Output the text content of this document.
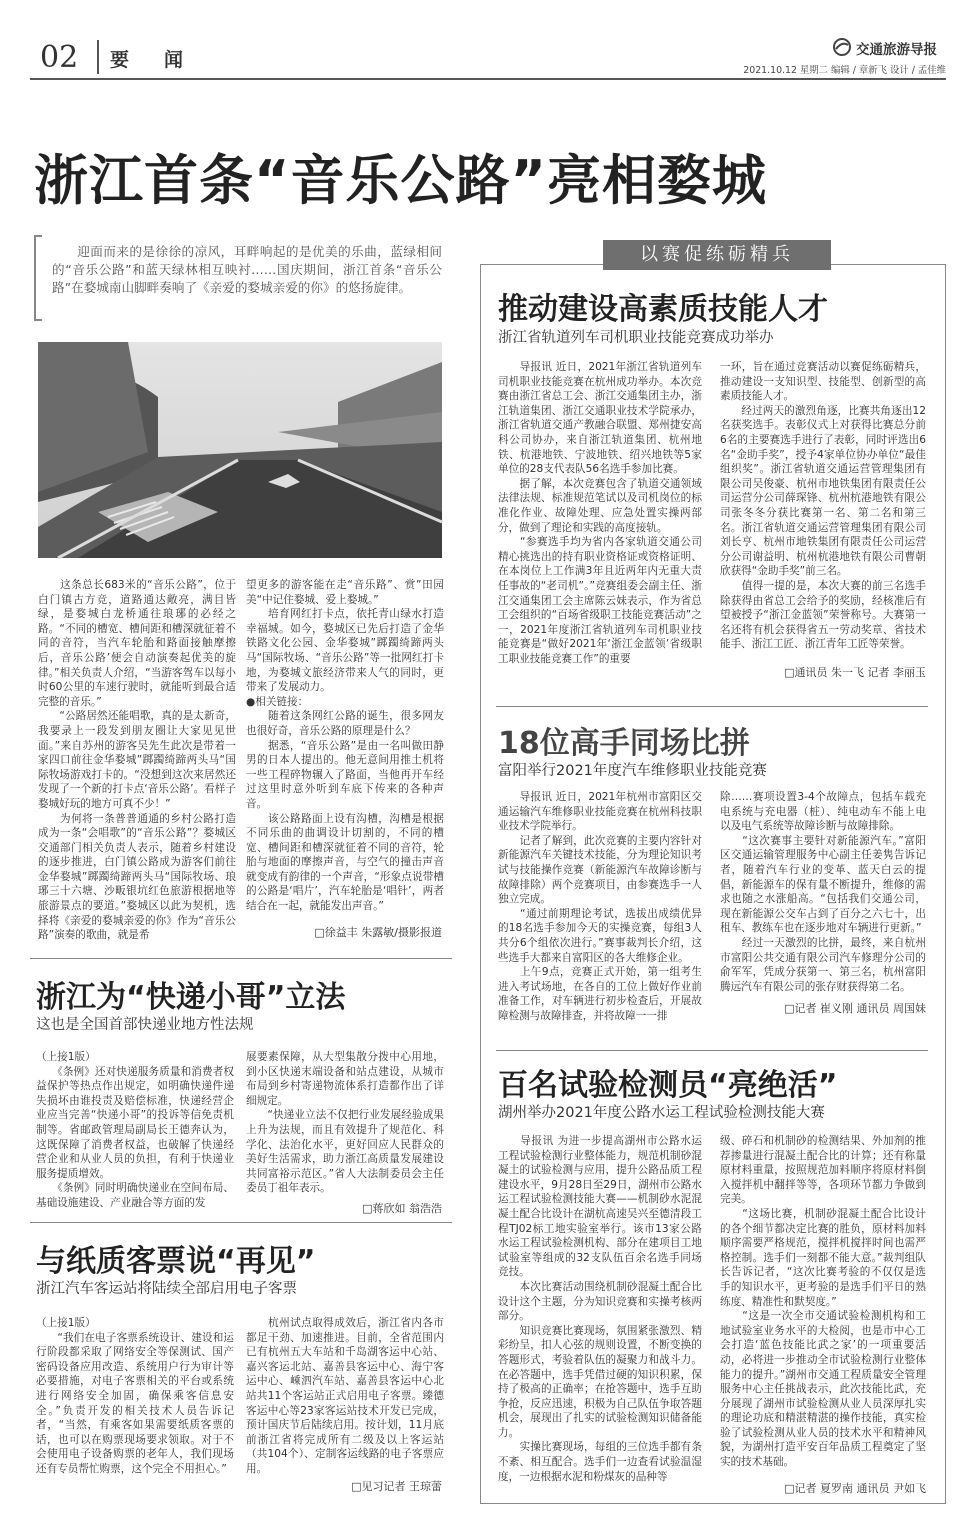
02 要　闻	交通旅游导报
2021.10.12 星期二 编辑 / 章新飞 设计 / 孟佳维
浙江首条“音乐公路”亮相婺城
迎面而来的是徐徐的凉风，耳畔响起的是优美的乐曲，蓝绿相间的“音乐公路”和蓝天绿林相互映衬……国庆期间，浙江首条“音乐公路”在婺城南山脚畔奏响了《亲爱的婺城亲爱的你》的悠扬旋律。
　　这条总长683米的“音乐公路”，位于白门镇古方竞，道路通达敞亮，满目皆绿，是婺城白龙桥通往琅琊的必经之路。“不同的槽宽、槽间距和槽深就征着不同的音符，当汽车轮胎和路面接触摩擦后，音乐公路’便会自动演奏起优美的旋律。”相关负责人介绍，“当游客驾车以每小时60公里的车速行驶时，就能听到最合适完整的音乐。”
　　“公路居然还能唱歌，真的是太新奇，我要录上一段发到朋友圈让大家见见世面。”来自苏州的游客吴先生此次是带着一家四口前往金华婺城”踯躅绮蹄两头马“国际牧场游戏打卡的。“没想到这次来居然还发现了一个新的打卡点‘音乐公路’。看样子婺城好玩的地方可真不少！”
　　为何将一条普普通通的乡村公路打造成为一条“会唱歌”的“音乐公路”？婺城区交通部门相关负责人表示，随着乡村建设的逐步推进，白门镇公路成为游客们前往金华婺城”踯躅绮蹄两头马“国际牧场、琅琊三十六塘、沙畈银坑红色旅游根据地等旅游景点的要道。”婺城区以此为契机，选择将《亲爱的婺城亲爱的你》作为“音乐公路”演奏的歌曲，就是希
望更多的游客能在走“音乐路”、赏”田园美“中记住婺城、爱上婺城。”
　　培育网红打卡点，依托青山绿水打造幸福城。如今，婺城区已先后打造了金华铁路文化公园、金华婺城”踯躅绮蹄两头马“国际牧场、“音乐公路”等一批网红打卡地，为婺城文旅经济带来人气的同时，更带来了发展动力。
●相关链接：
　　随着这条网红公路的诞生，很多网友也很好奇，音乐公路的原理是什么？
　　据悉，“音乐公路”是由一名叫做田静男的日本人提出的。他无意间用推土机将一些工程碎物辗入了路面，当他再开车经过这里时意外听到车底下传来的各种声音。
　　该公路路面上设有沟槽，沟槽是根据不同乐曲的曲调设计切割的，不同的槽宽、槽间距和槽深就征着不同的音符，轮胎与地面的摩擦声音，与空气的撞击声音就变成有韵律的一个声音，“形象点说带槽的公路是‘唱片’，汽车轮胎是‘唱针’，两者结合在一起，就能发出声音。”
□徐益丰 朱露敏/摄影报道
浙江为“快递小哥”立法
这也是全国首部快递业地方性法规
（上接1版）
　　《条例》还对快递服务质量和消费者权益保护等热点作出规定，如明确快递件递失损坏由谁投责及赔偿标准，快递经营企业应当完善“快递小哥”的投诉等信免责机制等。省邮政管理局副局长王德奔认为，这既保障了消费者权益，也破解了快递经营企业和从业人员的负担，有利于快递业服务提质增效。
　　《条例》同时明确快递业在空间布局、基础设施建设、产业融合等方面的发
展要素保障，从大型集散分拨中心用地，到小区快递末端设备和站点建设，从城市布局到乡村寄递物流体系打造都作出了详细规定。
　　“快递业立法不仅把行业发展经验成果上升为法规，而且有效提升了规范化、科学化、法治化水平，更好回应人民群众的美好生活需求，助力浙江高质量发展建设共同富裕示范区。”省人大法制委员会主任委员丁祖年表示。
□蒋欣如 翁浩浩
与纸质客票说“再见”
浙江汽车客运站将陆续全部启用电子客票
（上接1版）
　　“我们在电子客票系统设计、建设和运行阶段都采取了网络安全等保测试、国产密码设备应用改造、系统用户行为审计等必要措施，对电子客票相关的平台或系统进行网络安全加固，确保乘客信息安全。”负责开发的相关技术人员告诉记者，“当然，有乘客如果需要纸质客票的话，也可以在购票现场要求领取。对于不会使用电子设备购票的老年人，我们现场还有专员帮忙购票，这个完全不用担心。”
　　杭州试点取得成效后，浙江省内各市都足干劲、加速推进。目前，全省范围内已有杭州五大车站和千岛湖客运中心站、嘉兴客运北站、嘉善县客运中心、海宁客运中心、嵊泗汽车站、嘉善县客运中心北站共11个客运站正式启用电子客票。臻德客运中心等23家客运站技术开发已完成，预计国庆节后陆续启用。按计划，11月底前浙江省将完成所有二级及以上客运站（共104个）、定制客运线路的电子客票应用。
□见习记者 王琼蕾
以赛促练砺精兵
推动建设高素质技能人才
浙江省轨道列车司机职业技能竞赛成功举办
　　导报讯 近日，2021年浙江省轨道列车司机职业技能竞赛在杭州成功举办。本次竞赛由浙江省总工会、浙江交通集团主办，浙江轨道集团、浙江交通职业技术学院承办，浙江省轨道交通产教融合联盟、郑州捷安高科公司协办，来自浙江轨道集团、杭州地铁、杭港地铁、宁波地铁、绍兴地铁等5家单位的28支代表队56名选手参加比赛。
　　据了解，本次竞赛包含了轨道交通领域法律法规、标准规范笔试以及司机岗位的标准化作业、故障处理、应急处置实操两部分，做到了理论和实践的高度接轨。
　　“参赛选手均为省内各家轨道交通公司精心挑选出的持有职业资格证或资格证明、在本岗位上工作满3年且近两年内无重大责任事故的“老司机”。”竞赛组委会副主任、浙江交通集团工会主席陈云妹表示，作为省总工会组织的“百场省级职工技能竞赛活动”之一，2021年度浙江省轨道列车司机职业技能竞赛是“做好2021年‘浙江金蓝领’省级职工职业技能竞赛工作”的重要
一环，旨在通过竞赛活动以赛促练砺精兵，推动建设一支知识型、技能型、创新型的高素质技能人才。
　　经过两天的激烈角逐，比赛共角逐出12名获奖选手。表彰仪式上对获得比赛总分前6名的主要赛选手进行了表彰，同时评选出6名“金助手奖”，授予4家单位协办单位“最佳组织奖”。浙江省轨道交通运营管理集团有限公司吴俊豪、杭州市地铁集团有限责任公司运营分公司薛琛锋、杭州杭港地铁有限公司张冬冬分获比赛第一名、第二名和第三名。浙江省轨道交通运营管理集团有限公司刘长亨、杭州市地铁集团有限责任公司运营分公司谢益明、杭州杭港地铁有限公司曹朝欣获得“金助手奖”前三名。
　　值得一提的是，本次大赛的前三名选手除获得由省总工会给予的奖励，经核准后有望被授予“浙江金蓝领”荣誉称号。大赛第一名还将有机会获得省五一劳动奖章、省技术能手、浙江工匠、浙江青年工匠等荣誉。
□通讯员 朱一飞 记者 李丽玉
18位高手同场比拼
富阳举行2021年度汽车维修职业技能竞赛
　　导报讯 近日，2021年杭州市富阳区交通运输汽车维修职业技能竞赛在杭州科技职业技术学院举行。
　　记者了解到，此次竞赛的主要内容针对新能源汽车关键技术技能，分为理论知识考试与技能操作竞赛（新能源汽车故障诊断与故障排除）两个竞赛项目，由参赛选手一人独立完成。
　　“通过前期理论考试，选拔出成绩优异的18名选手参加今天的实操竞赛，每组3人共分6个组依次进行。”赛事裁判长介绍，这些选手大都来自富阳区的各大维修企业。
　　上午9点，竞赛正式开始，第一组考生进入考试场地，在各自的工位上做好作业前准备工作，对车辆进行初步检查后，开展故障检测与故障排查，并将故障一一排
除……赛项设置3-4个故障点，包括车载充电系统与充电器（桩）、纯电动车不能上电以及电气系统等故障诊断与故障排除。
　　“这次赛事主要针对新能源汽车。”富阳区交通运输管理服务中心副主任姜隽告诉记者，随着汽车行业的变革、蓝天白云的提倡，新能源车的保有量不断提升，维修的需求也随之水涨船高。“包括我们交通公司，现在新能源公交车占到了百分之六七十，出租车、教练车也在逐步地对车辆进行更新。”
　　经过一天激烈的比拼，最终，来自杭州市富阳公共交通有限公司汽车修理分公司的俞军军，凭成分获第一、第三名，杭州富阳腾远汽车有限公司的张存财获得第二名。
□记者 崔义刚 通讯员 周国妹
百名试验检测员“亮绝活”
湖州举办2021年度公路水运工程试验检测技能大赛
　　导报讯 为进一步提高湖州市公路水运工程试验检测行业整体能力，规范机制砂混凝土的试验检测与应用，提升公路品质工程建设水平，9月28日至29日，湖州市公路水运工程试验检测技能大赛——机制砂水泥混凝土配合比设计在湖杭高速吴兴至德清段工程TJ02标工地实验室举行。该市13家公路水运工程试验检测机构、部分在建项目工地试验室等组成的32支队伍百余名选手同场竞技。
　　本次比赛活动围绕机制砂混凝土配合比设计这个主题，分为知识竞赛和实操考核两部分。
　　知识竞赛比赛现场，氛围紧张激烈、精彩纷呈，扣人心弦的规则设置，不断变换的答题形式，考验着队伍的凝聚力和战斗力。在必答题中，选手凭借过硬的知识积累，保持了极高的正确率；在抢答题中，选手互助争抢，反应迅速，积极为自己队伍争取答题机会，展现出了扎实的试验检测知识储备能力。
　　实操比赛现场，每组的三位选手都有条不紊、相互配合。选手们一边查看试验温湿度，一边根据水泥和粉煤灰的品种等
级、碎石和机制砂的检测结果、外加剂的推荐掺量进行混凝土配合比的计算；还有称量原材料重量，按照规范加料顺序将原材料倒入搅拌机中翻拌等等，各项环节都力争做到完美。
　　“这场比赛，机制砂混凝土配合比设计的各个细节都决定比赛的胜负，原材料加料顺序需要严格规范，搅拌机搅拌时间也需严格控制。选手们一刻都不能大意。”裁判组队长告诉记者，“这次比赛考验的不仅仅是选手的知识水平，更考验的是选手们平日的熟练度、精准性和默契度。”
　　“这是一次全市交通试验检测机构和工地试验室业务水平的大检阅，也是市中心工会打造‘蓝色技能比武之家’的一项重要活动，必将进一步推动全市试验检测行业整体能力的提升。”湖州市交通工程质量安全管理服务中心主任挑战表示，此次技能比武，充分展现了湖州市试验检测从业人员深厚扎实的理论功底和精湛精湛的操作技能，真实检验了试验检测从业人员的技术水平和精神风貌，为湖州打造平安百年品质工程奠定了坚实的技术基础。
□记者 夏罗南 通讯员 尹如飞
